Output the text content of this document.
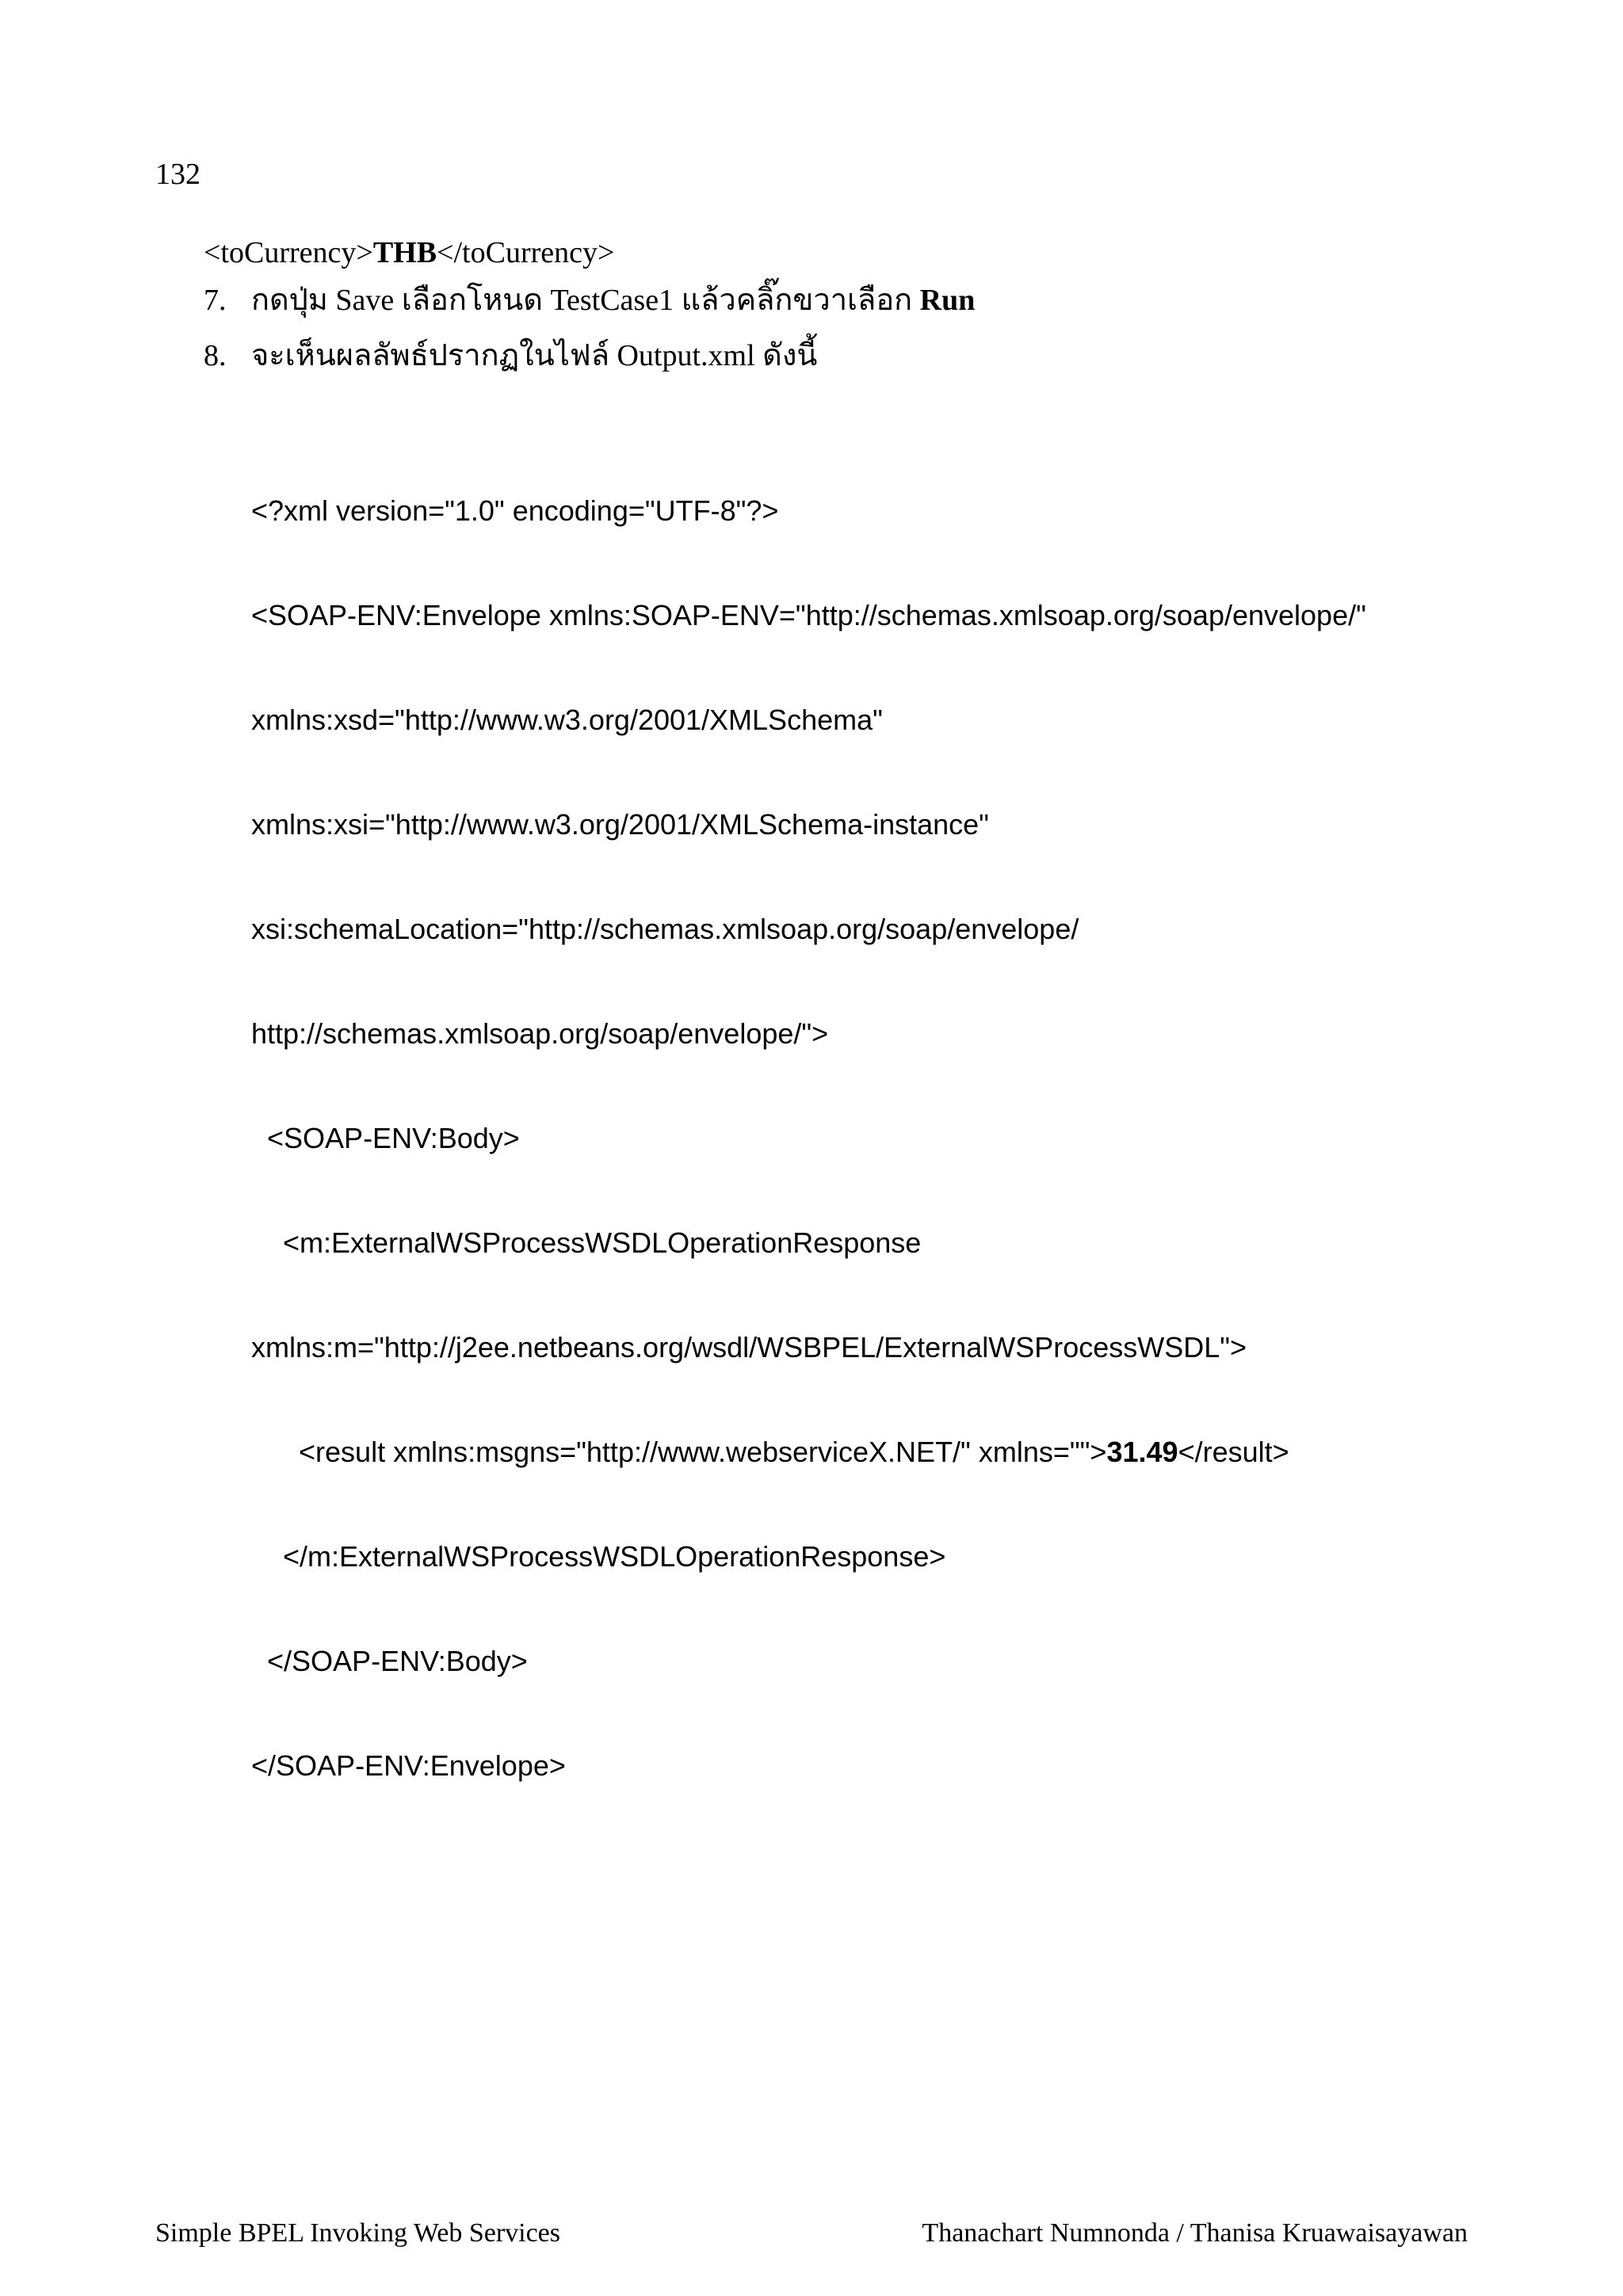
132
<toCurrency>THB</toCurrency>
7. กดปุ่ม Save เลือกโหนด TestCase1 แล้วคลิ๊กขวาเลือก Run
8. จะเห็นผลลัพธ์ปรากฏในไฟล์ Output.xml ดังนี้

<?xml version="1.0" encoding="UTF-8"?>

<SOAP-ENV:Envelope xmlns:SOAP-ENV="http://schemas.xmlsoap.org/soap/envelope/"

xmlns:xsd="http://www.w3.org/2001/XMLSchema"

xmlns:xsi="http://www.w3.org/2001/XMLSchema-instance"

xsi:schemaLocation="http://schemas.xmlsoap.org/soap/envelope/

http://schemas.xmlsoap.org/soap/envelope/">

<SOAP-ENV:Body>

<m:ExternalWSProcessWSDLOperationResponse

xmlns:m="http://j2ee.netbeans.org/wsdl/WSBPEL/ExternalWSProcessWSDL">

<result xmlns:msgns="http://www.webserviceX.NET/" xmlns="">31.49</result>

</m:ExternalWSProcessWSDLOperationResponse>

</SOAP-ENV:Body>

</SOAP-ENV:Envelope>

Simple BPEL Invoking Web Services	Thanachart Numnonda / Thanisa Kruawaisayawan
